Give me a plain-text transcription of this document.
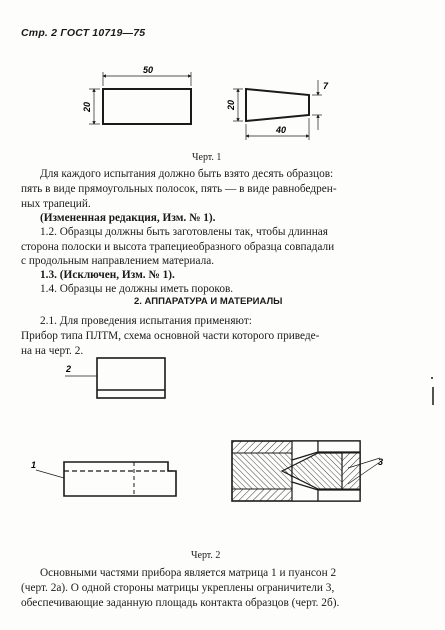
Стр. 2 ГОСТ 10719—75
50
20	20
7
40
Черт. 1
Для каждого испытания должно быть взято десять образцов:
пять в виде прямоугольных полосок, пять — в виде равнобедрен-
ных трапеций.
(Измененная редакция, Изм. № 1).
1.2. Образцы должны быть заготовлены так, чтобы длинная
сторона полоски и высота трапециеобразного образца совпадали
с продольным направлением материала.
1.3. (Исключен, Изм. № 1).
1.4. Образцы не должны иметь пороков.
2. АППАРАТУРА И МАТЕРИАЛЫ
2.1. Для проведения испытания применяют:
Прибор типа ПЛТМ, схема основной части которого приведе-
на на черт. 2.
2
1	3
Черт. 2
Основными частями прибора является матрица 1 и пуансон 2
(черт. 2а). О одной стороны матрицы укреплены ограничители 3,
обеспечивающие заданную площадь контакта образцов (черт. 2б).
